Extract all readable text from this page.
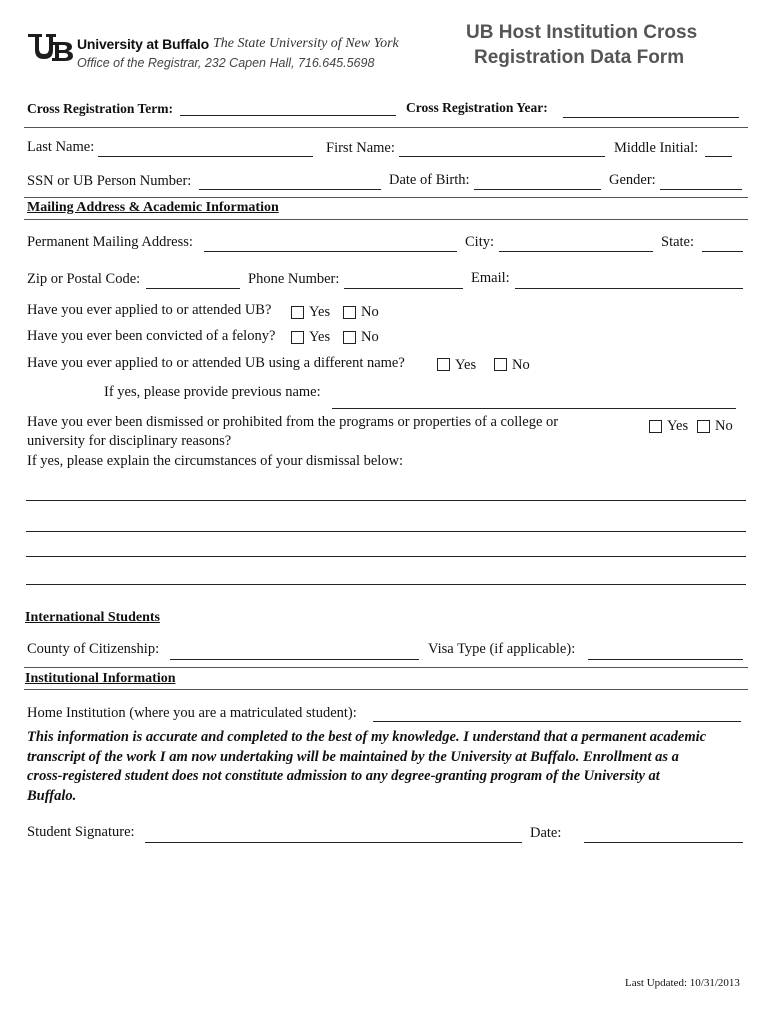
University at Buffalo The State University of New York
Office of the Registrar, 232 Capen Hall, 716.645.5698
UB Host Institution Cross
Registration Data Form
Cross Registration Term:	Cross Registration Year:
Last Name:	First Name:	Middle Initial:
SSN or UB Person Number:	Date of Birth:	Gender:
Mailing Address & Academic Information
Permanent Mailing Address:	City:	State:
Zip or Postal Code:	Phone Number:	Email:
Have you ever applied to or attended UB?	Yes No
Have you ever been convicted of a felony? Yes No
Have you ever applied to or attended UB using a different name?	Yes No
If yes, please provide previous name:
Have you ever been dismissed or prohibited from the programs or properties of a college or	Yes No
university for disciplinary reasons?
If yes, please explain the circumstances of your dismissal below:
International Students
County of Citizenship:	Visa Type (if applicable):
Institutional Information
Home Institution (where you are a matriculated student):
This information is accurate and completed to the best of my knowledge. I understand that a permanent academic transcript of the work I am now undertaking will be maintained by the University at Buffalo. Enrollment as a cross-registered student does not constitute admission to any degree-granting program of the University at Buffalo.
Student Signature:	Date:
Last Updated: 10/31/2013
